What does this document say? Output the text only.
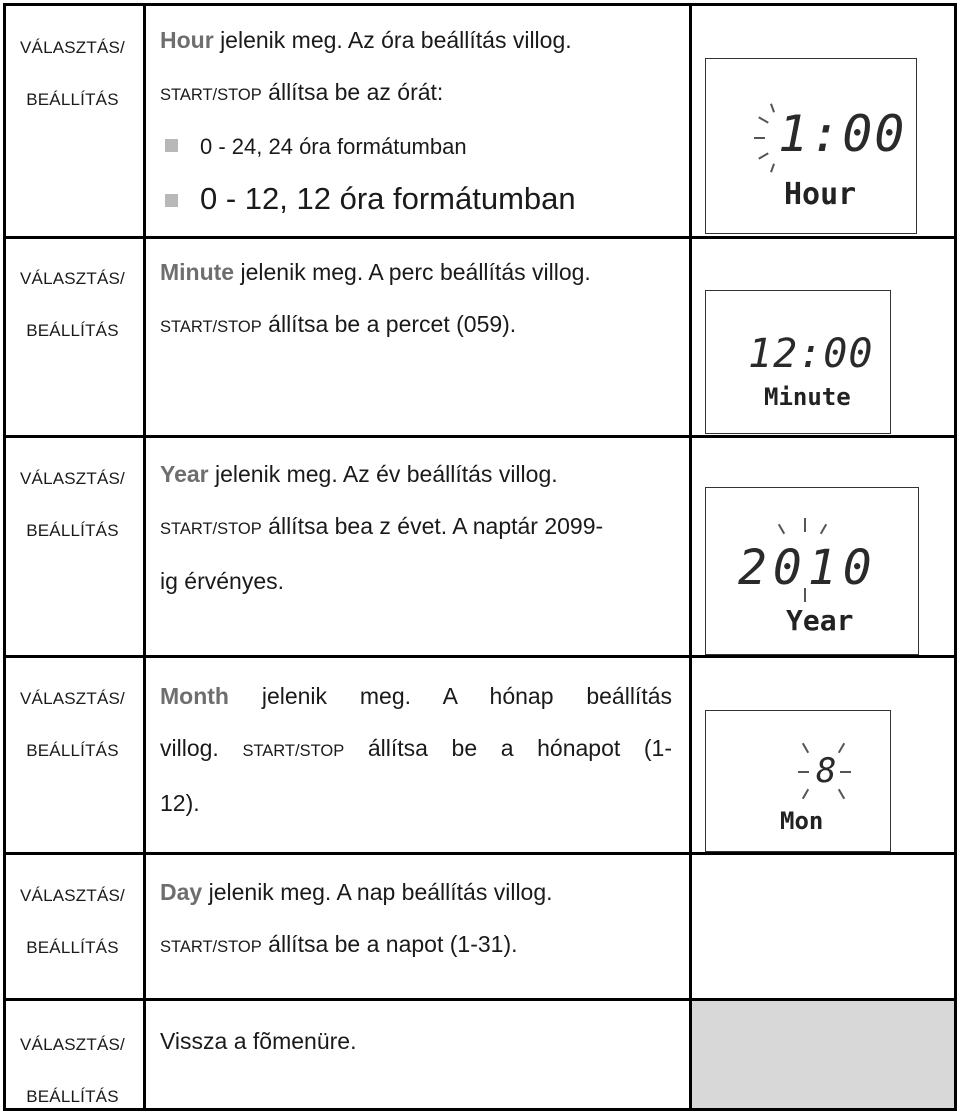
VÁLASZTÁS/
BEÁLLÍTÁS
Hour jelenik meg. Az óra beállítás villog.
START/STOP állítsa be az órát:
0 - 24, 24 óra formátumban
0 - 12, 12 óra formátumban
1:00
Hour
VÁLASZTÁS/
BEÁLLÍTÁS
Minute jelenik meg. A perc beállítás villog.
START/STOP állítsa be a percet (059).
12:00
Minute
VÁLASZTÁS/
BEÁLLÍTÁS
Year jelenik meg. Az év beállítás villog.
START/STOP állítsa bea z évet. A naptár 2099-
ig érvényes.	2010
Year
VÁLASZTÁS/
BEÁLLÍTÁS
Month jelenik meg. A hónap beállítás
villog. START/STOP állítsa be a hónapot (1-
12).
8
Mon
VÁLASZTÁS/
BEÁLLÍTÁS
Day jelenik meg. A nap beállítás villog.
START/STOP állítsa be a napot (1-31).
VÁLASZTÁS/
BEÁLLÍTÁS
Vissza a fõmenüre.
